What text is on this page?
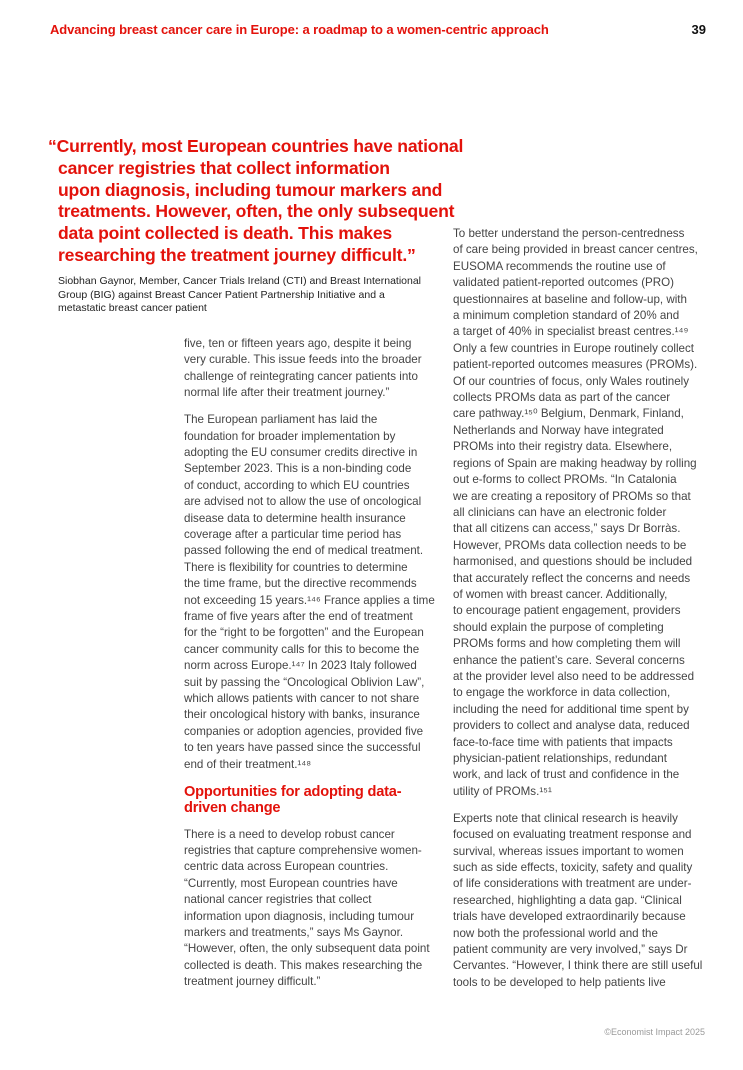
Advancing breast cancer care in Europe: a roadmap to a women-centric approach	39
“Currently, most European countries have national
cancer registries that collect information
upon diagnosis, including tumour markers and
treatments. However, often, the only subsequent
data point collected is death. This makes
researching the treatment journey difficult.”
Siobhan Gaynor, Member, Cancer Trials Ireland (CTI) and Breast International
Group (BIG) against Breast Cancer Patient Partnership Initiative and a
metastatic breast cancer patient
five, ten or fifteen years ago, despite it being
very curable. This issue feeds into the broader
challenge of reintegrating cancer patients into
normal life after their treatment journey.”
The European parliament has laid the
foundation for broader implementation by
adopting the EU consumer credits directive in
September 2023. This is a non-binding code
of conduct, according to which EU countries
are advised not to allow the use of oncological
disease data to determine health insurance
coverage after a particular time period has
passed following the end of medical treatment.
There is flexibility for countries to determine
the time frame, but the directive recommends
not exceeding 15 years.¹⁴⁶ France applies a time
frame of five years after the end of treatment
for the “right to be forgotten” and the European
cancer community calls for this to become the
norm across Europe.¹⁴⁷ In 2023 Italy followed
suit by passing the “Oncological Oblivion Law”,
which allows patients with cancer to not share
their oncological history with banks, insurance
companies or adoption agencies, provided five
to ten years have passed since the successful
end of their treatment.¹⁴⁸
Opportunities for adopting data-
driven change
There is a need to develop robust cancer
registries that capture comprehensive women-
centric data across European countries.
“Currently, most European countries have
national cancer registries that collect
information upon diagnosis, including tumour
markers and treatments,” says Ms Gaynor.
“However, often, the only subsequent data point
collected is death. This makes researching the
treatment journey difficult.”
To better understand the person-centredness
of care being provided in breast cancer centres,
EUSOMA recommends the routine use of
validated patient-reported outcomes (PRO)
questionnaires at baseline and follow-up, with
a minimum completion standard of 20% and
a target of 40% in specialist breast centres.¹⁴⁹
Only a few countries in Europe routinely collect
patient-reported outcomes measures (PROMs).
Of our countries of focus, only Wales routinely
collects PROMs data as part of the cancer
care pathway.¹⁵⁰ Belgium, Denmark, Finland,
Netherlands and Norway have integrated
PROMs into their registry data. Elsewhere,
regions of Spain are making headway by rolling
out e-forms to collect PROMs. “In Catalonia
we are creating a repository of PROMs so that
all clinicians can have an electronic folder
that all citizens can access,” says Dr Borràs.
However, PROMs data collection needs to be
harmonised, and questions should be included
that accurately reflect the concerns and needs
of women with breast cancer. Additionally,
to encourage patient engagement, providers
should explain the purpose of completing
PROMs forms and how completing them will
enhance the patient’s care. Several concerns
at the provider level also need to be addressed
to engage the workforce in data collection,
including the need for additional time spent by
providers to collect and analyse data, reduced
face-to-face time with patients that impacts
physician-patient relationships, redundant
work, and lack of trust and confidence in the
utility of PROMs.¹⁵¹
Experts note that clinical research is heavily
focused on evaluating treatment response and
survival, whereas issues important to women
such as side effects, toxicity, safety and quality
of life considerations with treatment are under-
researched, highlighting a data gap. “Clinical
trials have developed extraordinarily because
now both the professional world and the
patient community are very involved,” says Dr
Cervantes. “However, I think there are still useful
tools to be developed to help patients live
©Economist Impact 2025
